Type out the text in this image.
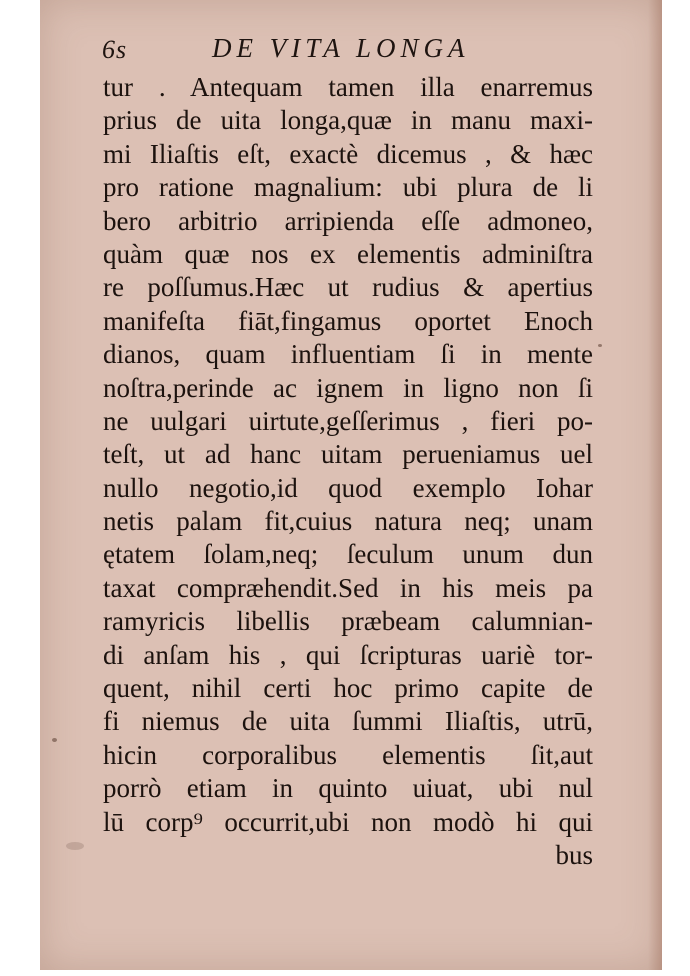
6s	DE VITA LONGA
tur . Antequam tamen illa enarremus
prius de uita longa,quæ in manu maxi-
mi Iliaſtis eſt, exactè dicemus , & hæc
pro ratione magnalium: ubi plura de li
bero arbitrio arripienda eſſe admoneo,
quàm quæ nos ex elementis adminiſtra
re poſſumus.Hæc ut rudius & apertius
manifeſta fiāt,fingamus oportet Enoch
dianos, quam influentiam ſi in mente
noſtra,perinde ac ignem in ligno non ſi
ne uulgari uirtute,geſſerimus , fieri po-
teſt, ut ad hanc uitam perueniamus uel
nullo negotio,id quod exemplo Iohar
netis palam fit,cuius natura neq; unam
ętatem ſolam,neq; ſeculum unum dun
taxat compræhendit.Sed in his meis pa
ramyricis libellis præbeam calumnian-
di anſam his , qui ſcripturas uariè tor-
quent, nihil certi hoc primo capite de
fi niemus de uita ſummi Iliaſtis, utrū,
hicin corporalibus elementis ſit,aut
porrò etiam in quinto uiuat, ubi nul
lū corp⁹ occurrit,ubi non modò hi qui
bus
